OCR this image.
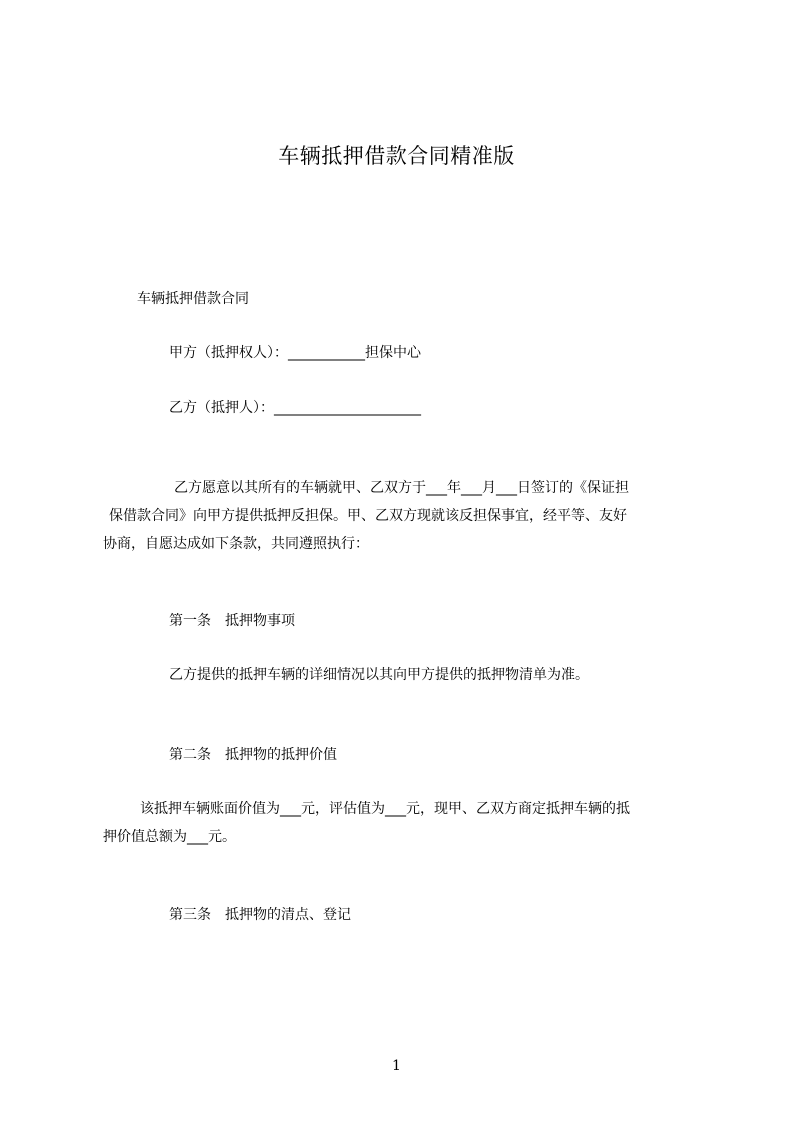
车辆抵押借款合同精准版
车辆抵押借款合同
甲方（抵押权人）：___________担保中心
乙方（抵押人）：_____________________
乙方愿意以其所有的车辆就甲、乙双方于___年___月___日签订的《保证担
保借款合同》向甲方提供抵押反担保。甲、乙双方现就该反担保事宜，经平等、友好
协商，自愿达成如下条款，共同遵照执行：
第一条　抵押物事项
乙方提供的抵押车辆的详细情况以其向甲方提供的抵押物清单为准。
第二条　抵押物的抵押价值
该抵押车辆账面价值为___元，评估值为___元，现甲、乙双方商定抵押车辆的抵
押价值总额为___元。
第三条　抵押物的清点、登记
1
